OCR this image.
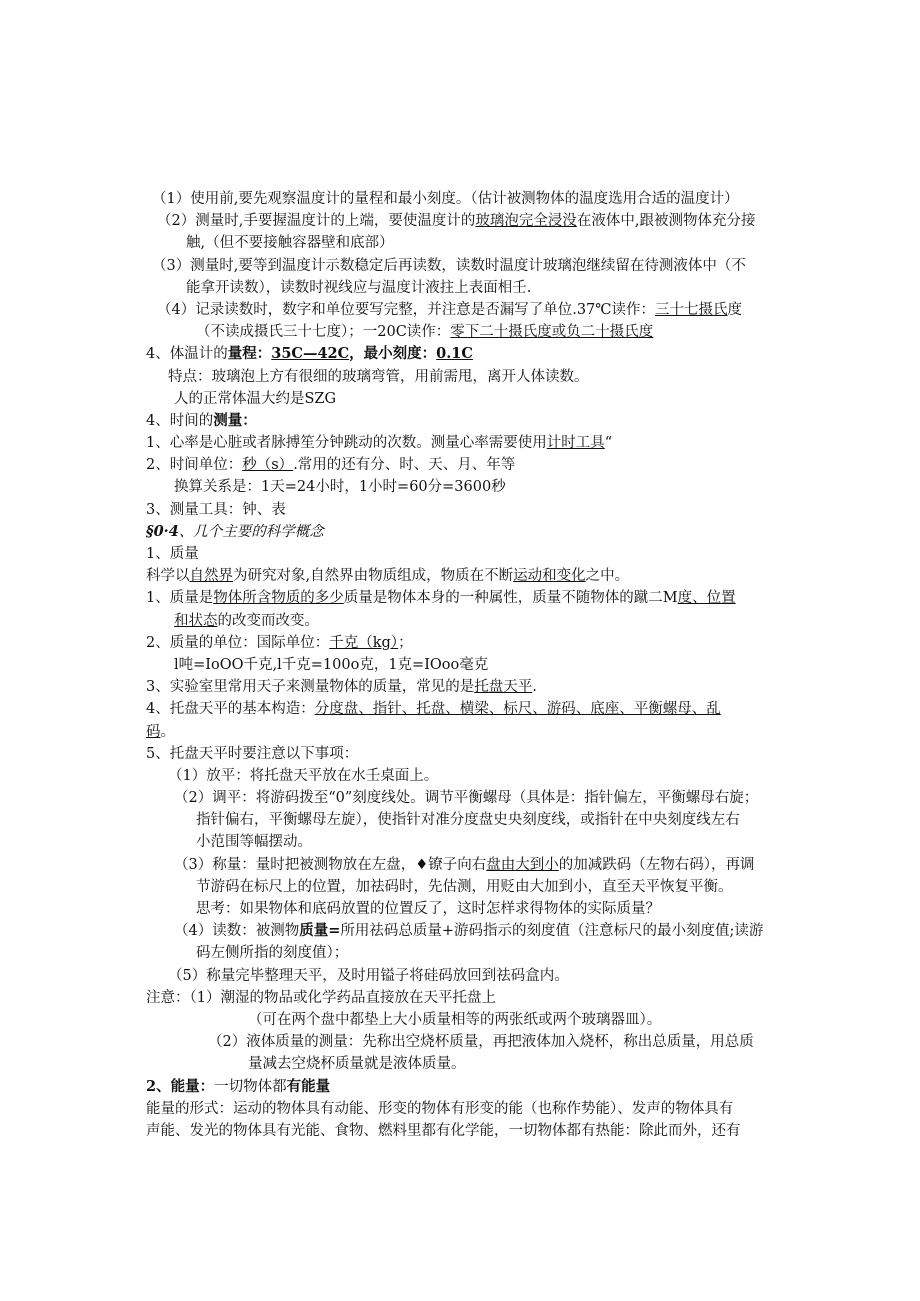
（1）使用前,要先观察温度计的量程和最小刻度。（估计被测物体的温度选用合适的温度计）
（2）测量时,手要握温度计的上端，要使温度计的玻璃泡完全浸没在液体中,跟被测物体充分接
触,（但不要接触容器壁和底部）
（3）测量时,要等到温度计示数稳定后再读数，读数时温度计玻璃泡继续留在待测液体中（不
能拿开读数），读数时视线应与温度计液拄上表面相壬.
（4）记录读数时，数字和单位要写完整，并注意是否漏写了单位.37℃读作：三十七摄氏度
（不读成摄氏三十七度）；一20C读作：零下二十摄氏度或负二十摄氏度
4、体温计的量程：35C—42C，最小刻度：0.1C
特点：玻璃泡上方有很细的玻璃弯管，用前需甩，离开人体读数。
人的正常体温大约是SZG
4、时间的测量：
1、心率是心脏或者脉搏笙分钟跳动的次数。测量心率需要使用计时工具“
2、时间单位：秒（s）.常用的还有分、时、天、月、年等
换算关系是：1天=24小时，1小时=60分=3600秒
3、测量工具：钟、表
§0·4、几个主要的科学概念
1、质量
科学以自然界为研究对象,自然界由物质组成，物质在不断运动和变化之中。
1、质量是物体所含物质的多少质量是物体本身的一种属性，质量不随物体的蹴二M度、位置
和状态的改变而改变。
2、质量的单位：国际单位：千克（kg）；
l吨=IoOO千克,l千克=100o克，1克=IOoo毫克
3、实验室里常用天子来测量物体的质量，常见的是托盘天平.
4、托盘天平的基本构造：分度盘、指针、托盘、横梁、标尺、游码、底座、平衡螺母、乱
码。
5、托盘天平时要注意以下事项：
（1）放平：将托盘天平放在水壬桌面上。
（2）调平：将游码拨至“0”刻度线处。调节平衡螺母（具体是：指针偏左，平衡螺母右旋；
指针偏右，平衡螺母左旋），使指针对准分度盘史央刻度线，或指针在中央刻度线左右
小范围等幅摆动。
（3）称量：量时把被测物放在左盘，♦镣子向右盘由大到小的加减跌码（左物右码），再调
节游码在标尺上的位置，加祛码时，先估测，用贬由大加到小，直至天平恢复平衡。
思考：如果物体和底码放置的位置反了，这时怎样求得物体的实际质量？
（4）读数：被测物质量=所用祛码总质量+游码指示的刻度值（注意标尺的最小刻度值;读游
码左侧所指的刻度值）；
（5）称量完毕整理天平，及时用镒子将硅码放回到祛码盒内。
注意：（1）潮湿的物品或化学药品直接放在天平托盘上
（可在两个盘中都垫上大小质量相等的两张纸或两个玻璃器皿）。
（2）液体质量的测量：先称出空烧杯质量，再把液体加入烧杯，称出总质量，用总质
量减去空烧杯质量就是液体质量。
2、能量：一切物体都有能量
能量的形式：运动的物体具有动能、形变的物体有形变的能（也称作势能）、发声的物体具有
声能、发光的物体具有光能、食物、燃料里都有化学能，一切物体都有热能：除此而外，还有
